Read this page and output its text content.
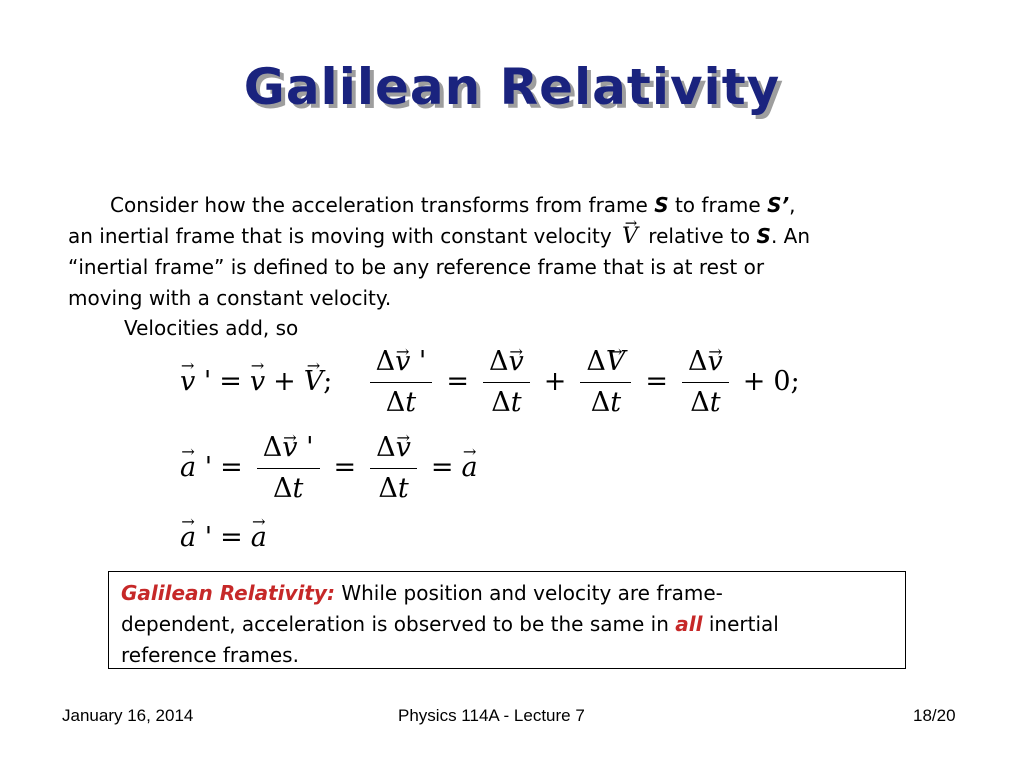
Galilean Relativity

Consider how the acceleration transforms from frame S to frame S’,

an inertial frame that is moving with constant velocity → V relative to S. An

“inertial frame” is defined to be any reference frame that is at rest or

moving with a constant velocity.

Velocities add, so

→ v ' =→ v +→ V; $\frac{\Delta\to v '}{\Delta t} = \frac{\Delta\to v}{\Delta t} + \frac{\Delta\to V}{\Delta t} = \frac{\Delta\to v}{\Delta t} + 0$;
→ a ' = $\frac{\Delta\to v '}{\Delta t} = \frac{\Delta\to v}{\Delta t} =\to a$
→ a ' =→ a
Galilean Relativity: While position and velocity are frame-
dependent, acceleration is observed to be the same in all inertial
reference frames.
January 16, 2014	Physics 114A - Lecture 7	18/20
